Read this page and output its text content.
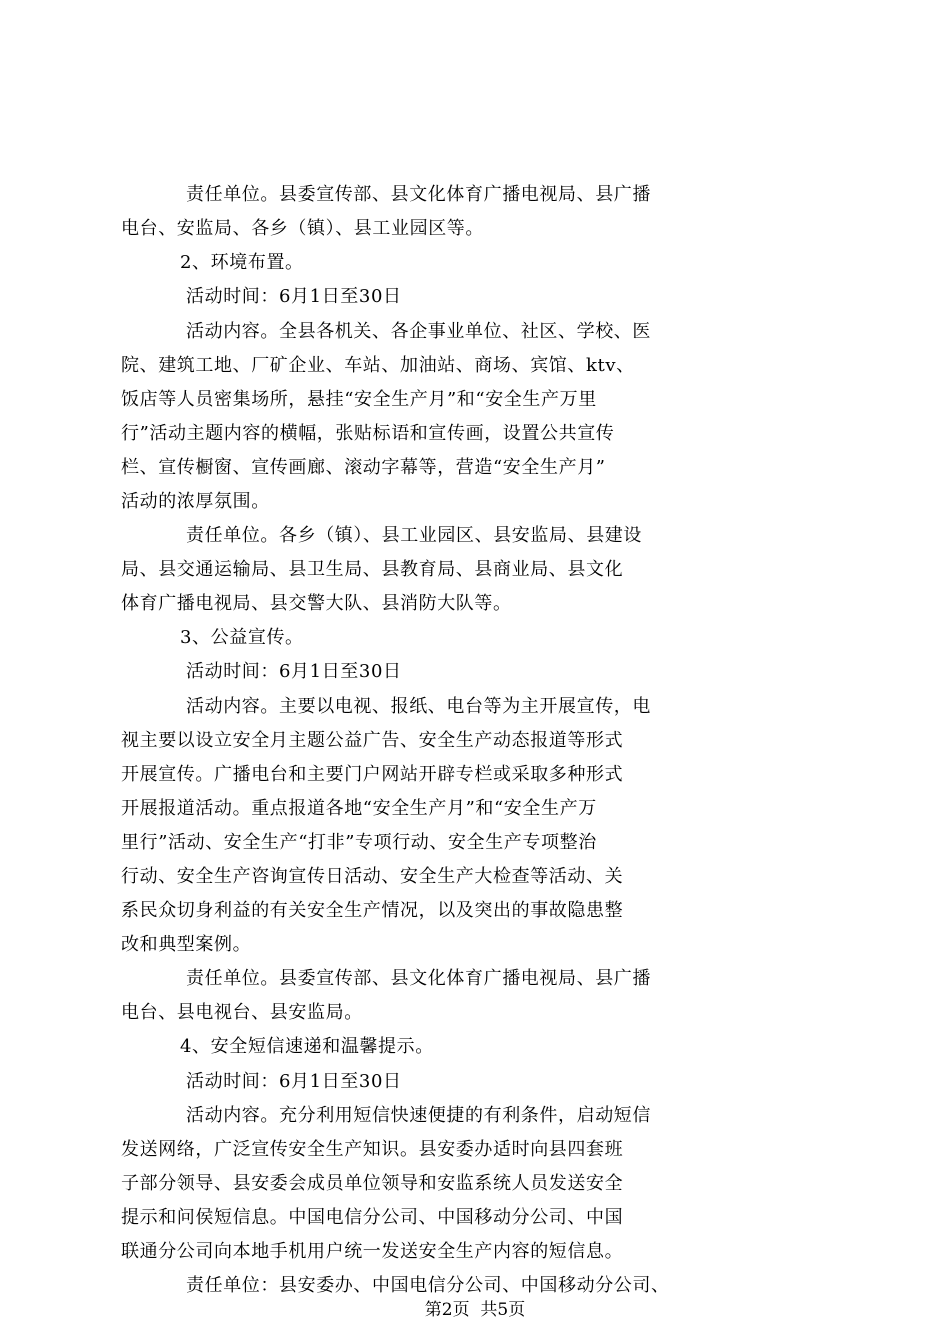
责任单位。县委宣传部、县文化体育广播电视局、县广播
电台、安监局、各乡（镇）、县工业园区等。
2、环境布置。
活动时间：6月1日至30日
活动内容。全县各机关、各企事业单位、社区、学校、医
院、建筑工地、厂矿企业、车站、加油站、商场、宾馆、ktv、
饭店等人员密集场所，悬挂“安全生产月”和“安全生产万里
行”活动主题内容的横幅，张贴标语和宣传画，设置公共宣传
栏、宣传橱窗、宣传画廊、滚动字幕等，营造“安全生产月”
活动的浓厚氛围。
责任单位。各乡（镇）、县工业园区、县安监局、县建设
局、县交通运输局、县卫生局、县教育局、县商业局、县文化
体育广播电视局、县交警大队、县消防大队等。
3、公益宣传。
活动时间：6月1日至30日
活动内容。主要以电视、报纸、电台等为主开展宣传，电
视主要以设立安全月主题公益广告、安全生产动态报道等形式
开展宣传。广播电台和主要门户网站开辟专栏或采取多种形式
开展报道活动。重点报道各地“安全生产月”和“安全生产万
里行”活动、安全生产“打非”专项行动、安全生产专项整治
行动、安全生产咨询宣传日活动、安全生产大检查等活动、关
系民众切身利益的有关安全生产情况，以及突出的事故隐患整
改和典型案例。
责任单位。县委宣传部、县文化体育广播电视局、县广播
电台、县电视台、县安监局。
4、安全短信速递和温馨提示。
活动时间：6月1日至30日
活动内容。充分利用短信快速便捷的有利条件，启动短信
发送网络，广泛宣传安全生产知识。县安委办适时向县四套班
子部分领导、县安委会成员单位领导和安监系统人员发送安全
提示和问侯短信息。中国电信分公司、中国移动分公司、中国
联通分公司向本地手机用户统一发送安全生产内容的短信息。
责任单位：县安委办、中国电信分公司、中国移动分公司、
第2页  共5页
